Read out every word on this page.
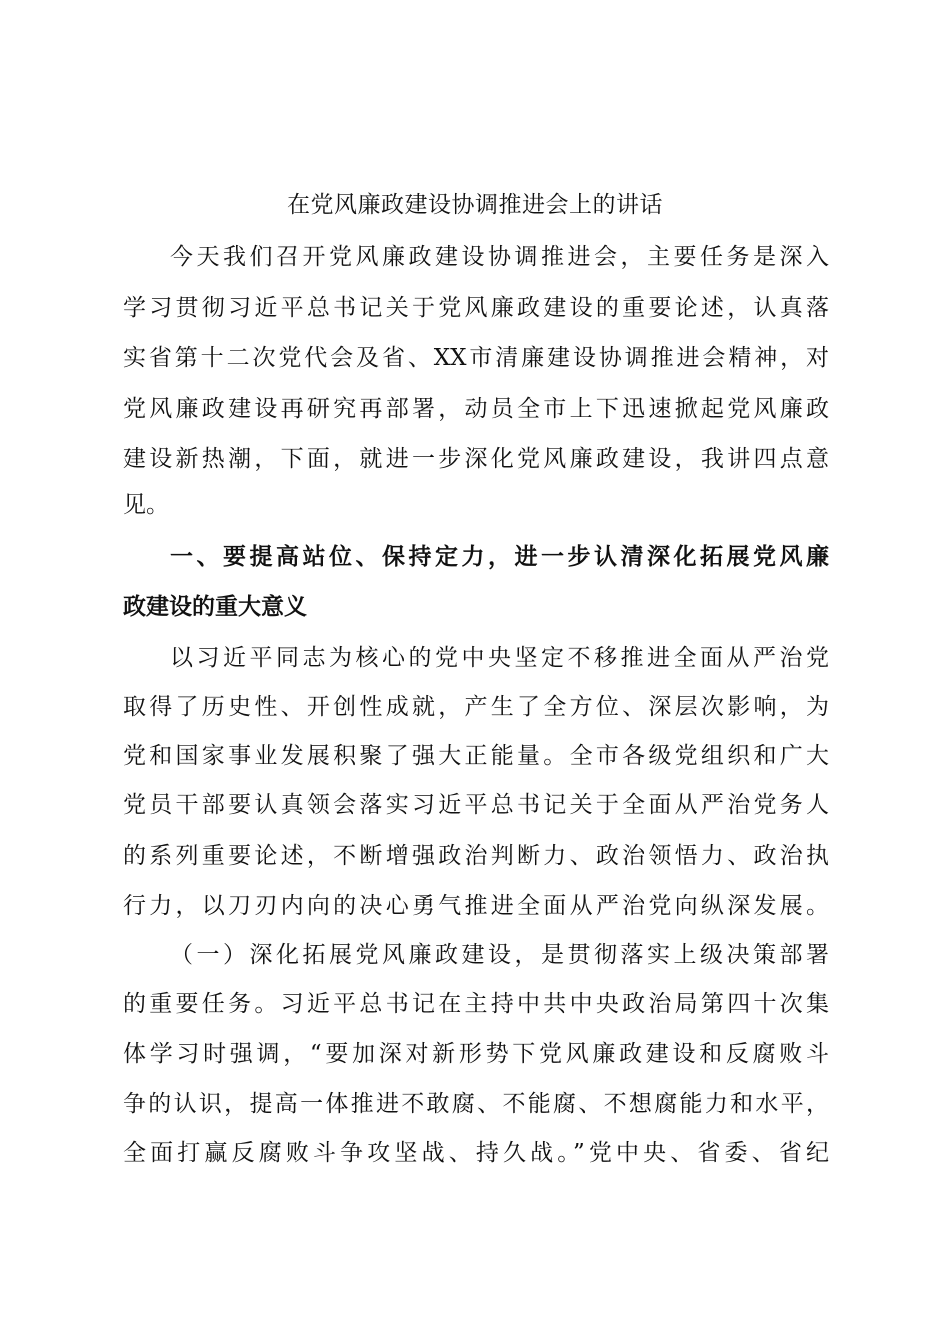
在党风廉政建设协调推进会上的讲话
今天我们召开党风廉政建设协调推进会，主要任务是深入
学习贯彻习近平总书记关于党风廉政建设的重要论述，认真落
实省第十二次党代会及省、XX市清廉建设协调推进会精神，对
党风廉政建设再研究再部署，动员全市上下迅速掀起党风廉政
建设新热潮，下面，就进一步深化党风廉政建设，我讲四点意
见。
一、要提高站位、保持定力，进一步认清深化拓展党风廉
政建设的重大意义
以习近平同志为核心的党中央坚定不移推进全面从严治党
取得了历史性、开创性成就，产生了全方位、深层次影响，为
党和国家事业发展积聚了强大正能量。全市各级党组织和广大
党员干部要认真领会落实习近平总书记关于全面从严治党务人
的系列重要论述，不断增强政治判断力、政治领悟力、政治执
行力，以刀刃内向的决心勇气推进全面从严治党向纵深发展。
（一）深化拓展党风廉政建设，是贯彻落实上级决策部署
的重要任务。习近平总书记在主持中共中央政治局第四十次集
体学习时强调，“要加深对新形势下党风廉政建设和反腐败斗
争的认识，提高一体推进不敢腐、不能腐、不想腐能力和水平，
全面打赢反腐败斗争攻坚战、持久战。”党中央、省委、省纪
